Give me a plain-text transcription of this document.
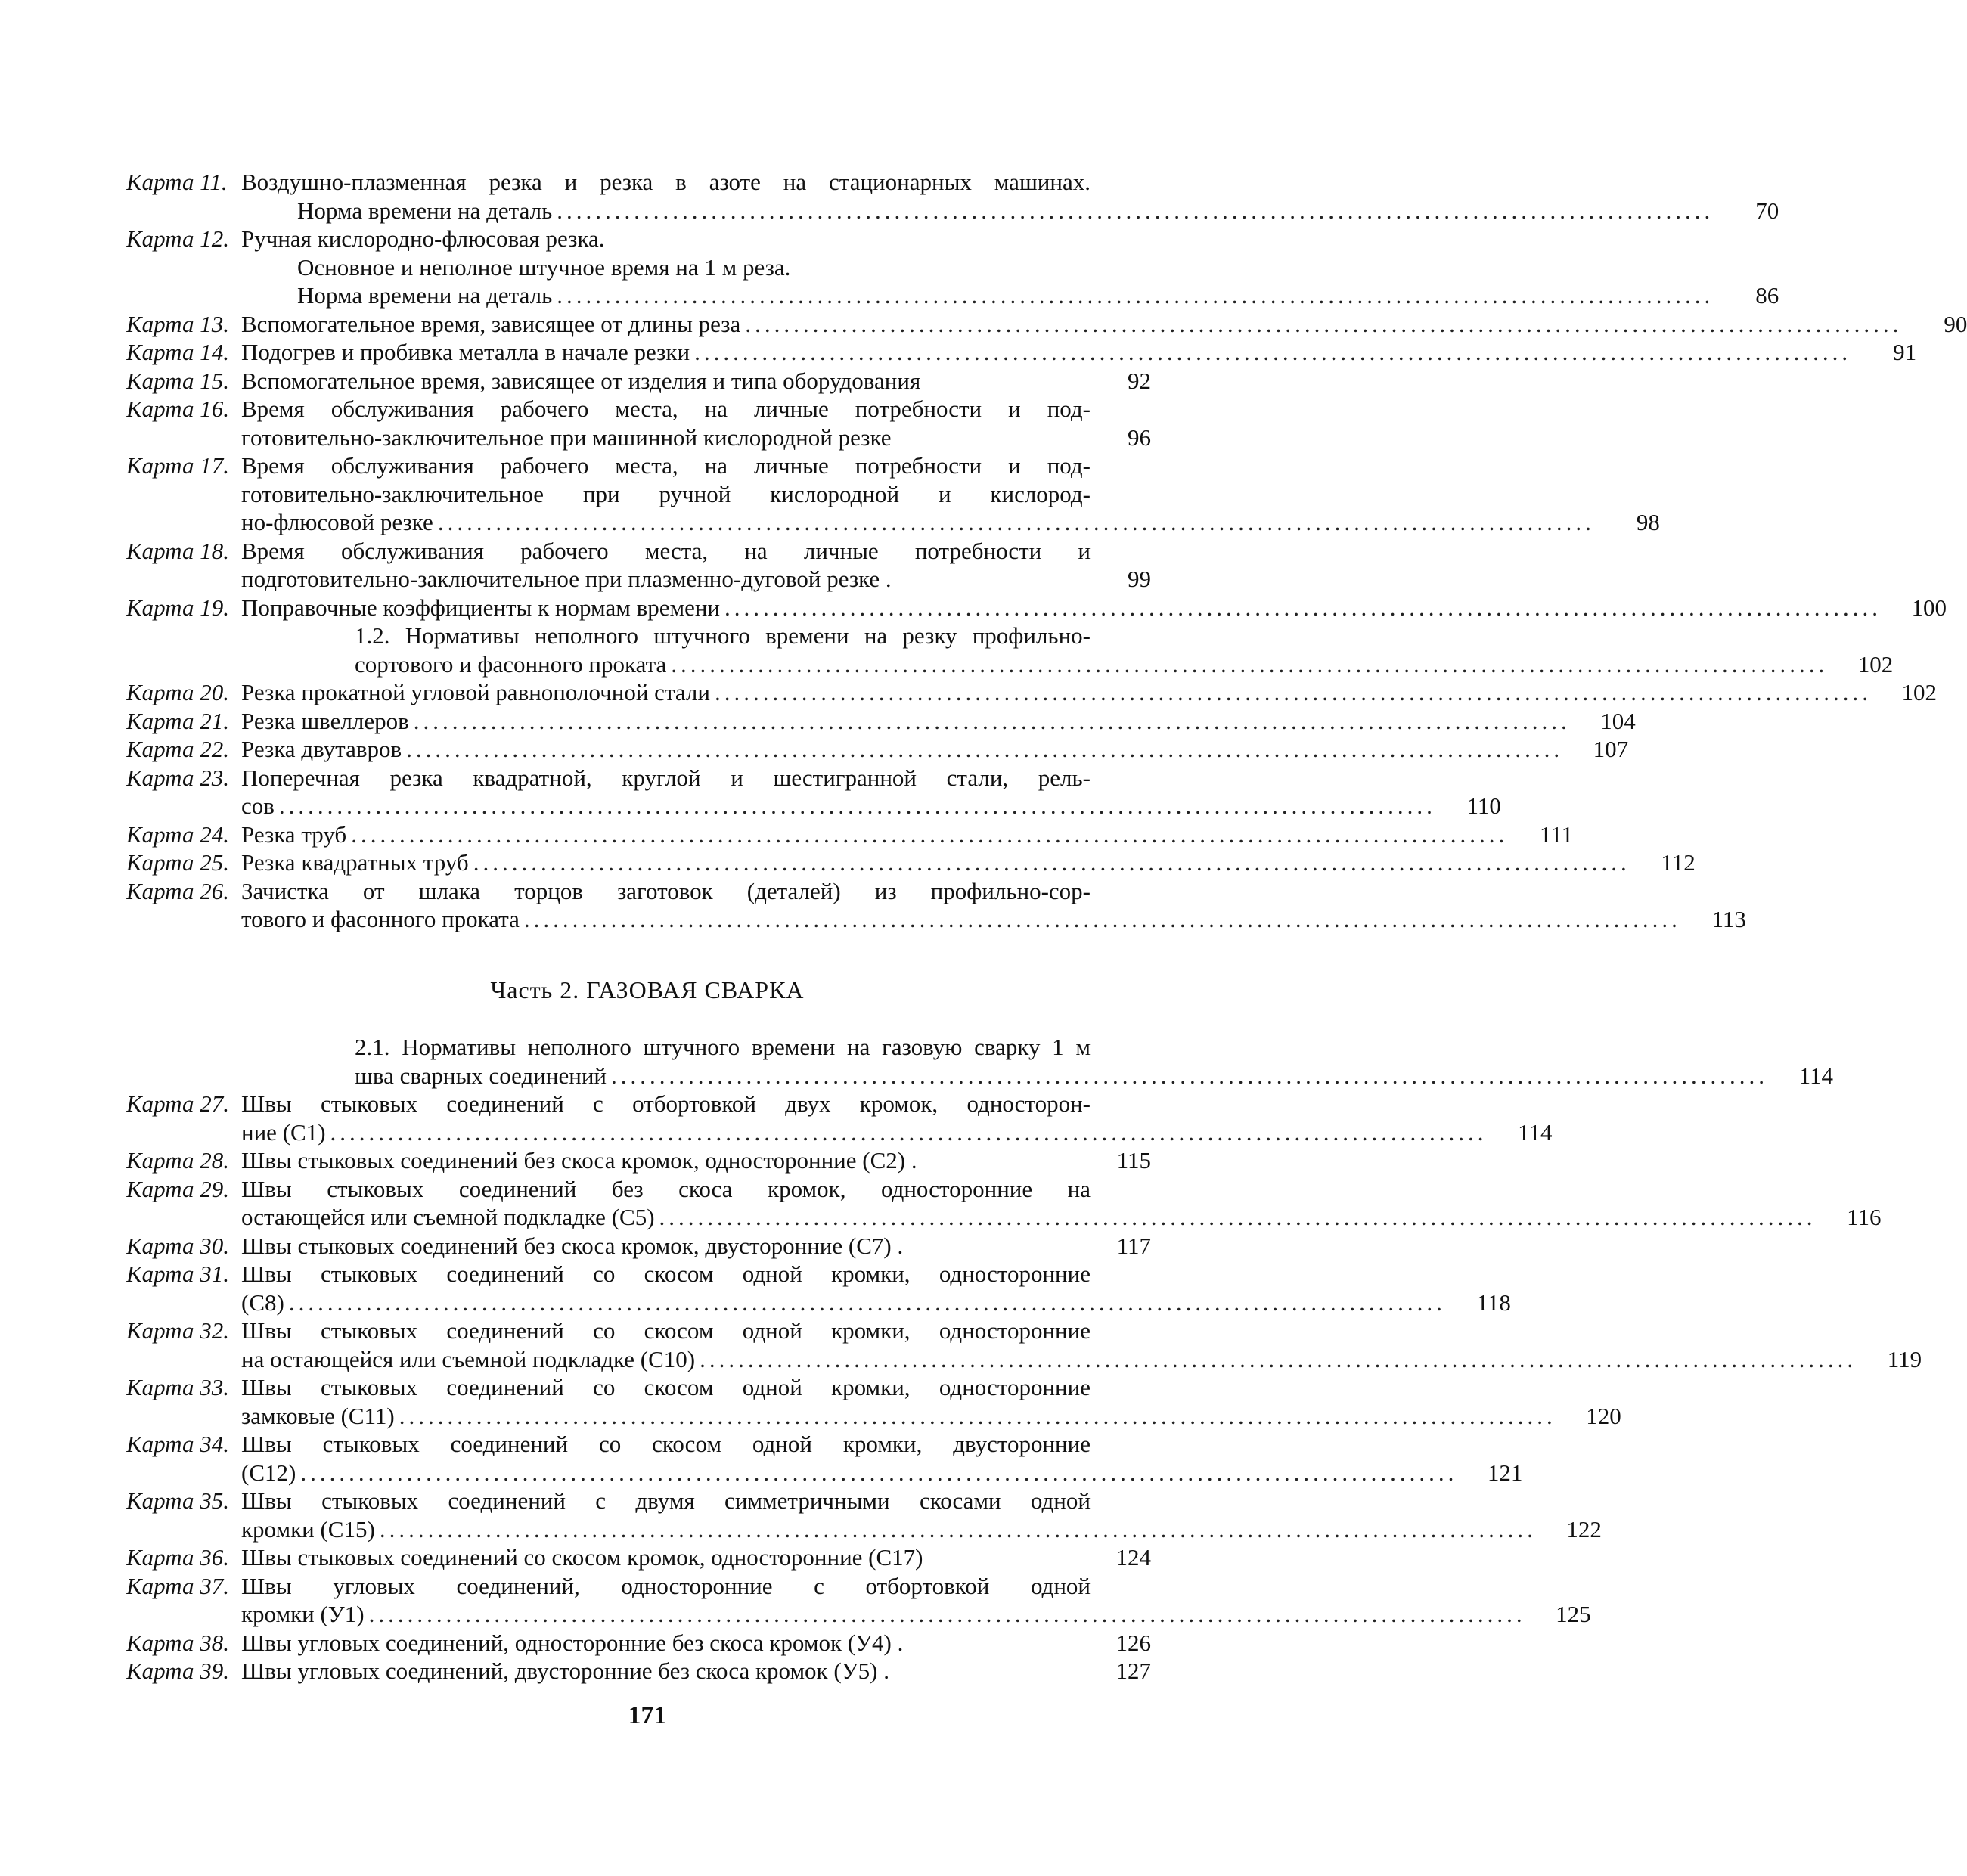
Карта 11. Воздушно-плазменная резка и резка в азоте на стационарных машинах.
Норма времени на деталь ........................................................................................................................	70
Карта 12. Ручная кислородно-флюсовая резка.
Основное и неполное штучное время на 1 м реза.
Норма времени на деталь ........................................................................................................................	86
Карта 13. Вспомогательное время, зависящее от длины реза ........................................................................................................................	90
Карта 14. Подогрев и пробивка металла в начале резки ........................................................................................................................	91
Карта 15. Вспомогательное время, зависящее от изделия и типа оборудования	92
Карта 16. Время обслуживания рабочего места, на личные потребности и под-
готовительно-заключительное при машинной кислородной резке	96
Карта 17. Время обслуживания рабочего места, на личные потребности и под-
готовительно-заключительное при ручной кислородной и кислород-
но-флюсовой резке ........................................................................................................................	98
Карта 18. Время обслуживания рабочего места, на личные потребности и
подготовительно-заключительное при плазменно-дуговой резке .	99
Карта 19. Поправочные коэффициенты к нормам времени ........................................................................................................................	100
1.2. Нормативы неполного штучного времени на резку профильно-
сортового и фасонного проката ........................................................................................................................	102
Карта 20. Резка прокатной угловой равнополочной стали ........................................................................................................................	102
Карта 21. Резка швеллеров ........................................................................................................................	104
Карта 22. Резка двутавров ........................................................................................................................	107
Карта 23. Поперечная резка квадратной, круглой и шестигранной стали, рель-
сов ........................................................................................................................	110
Карта 24. Резка труб ........................................................................................................................	111
Карта 25. Резка квадратных труб ........................................................................................................................	112
Карта 26. Зачистка от шлака торцов заготовок (деталей) из профильно-сор-
тового и фасонного проката ........................................................................................................................	113
Часть 2. ГАЗОВАЯ СВАРКА
2.1. Нормативы неполного штучного времени на газовую сварку 1 м
шва сварных соединений ........................................................................................................................	114
Карта 27. Швы стыковых соединений с отбортовкой двух кромок, односторон-
ние (С1) ........................................................................................................................	114
Карта 28. Швы стыковых соединений без скоса кромок, односторонние (С2) .	115
Карта 29. Швы стыковых соединений без скоса кромок, односторонние на
остающейся или съемной подкладке (С5) ........................................................................................................................	116
Карта 30. Швы стыковых соединений без скоса кромок, двусторонние (С7) .	117
Карта 31. Швы стыковых соединений со скосом одной кромки, односторонние
(С8) ........................................................................................................................	118
Карта 32. Швы стыковых соединений со скосом одной кромки, односторонние
на остающейся или съемной подкладке (С10) ........................................................................................................................	119
Карта 33. Швы стыковых соединений со скосом одной кромки, односторонние
замковые (С11) ........................................................................................................................	120
Карта 34. Швы стыковых соединений со скосом одной кромки, двусторонние
(С12) ........................................................................................................................	121
Карта 35. Швы стыковых соединений с двумя симметричными скосами одной
кромки (С15) ........................................................................................................................	122
Карта 36. Швы стыковых соединений со скосом кромок, односторонние (С17)	124
Карта 37. Швы угловых соединений, односторонние с отбортовкой одной
кромки (У1) ........................................................................................................................	125
Карта 38. Швы угловых соединений, односторонние без скоса кромок (У4) .	126
Карта 39. Швы угловых соединений, двусторонние без скоса кромок (У5) .	127
171
